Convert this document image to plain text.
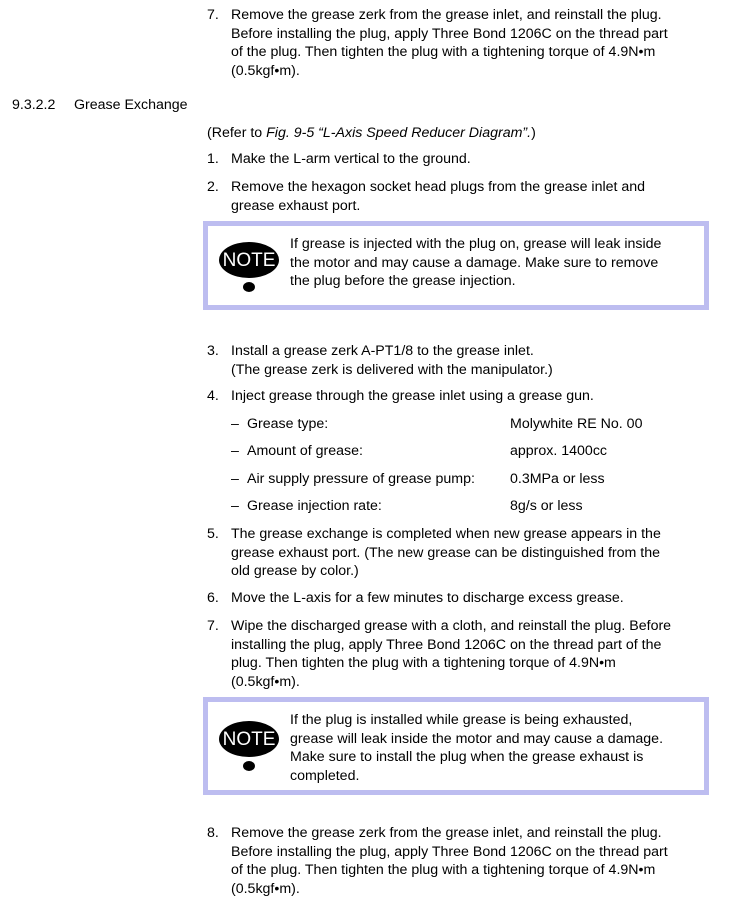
7. Remove the grease zerk from the grease inlet, and reinstall the plug.
Before installing the plug, apply Three Bond 1206C on the thread part
of the plug. Then tighten the plug with a tightening torque of 4.9N•m
(0.5kgf•m).
9.3.2.2 Grease Exchange
(Refer to Fig. 9-5 “L-Axis Speed Reducer Diagram”.)
1. Make the L-arm vertical to the ground.
2. Remove the hexagon socket head plugs from the grease inlet and
grease exhaust port.
NOTE
If grease is injected with the plug on, grease will leak inside
the motor and may cause a damage. Make sure to remove
the plug before the grease injection.
3. Install a grease zerk A-PT1/8 to the grease inlet.
(The grease zerk is delivered with the manipulator.)
4. Inject grease through the grease inlet using a grease gun.
– Grease type:	Molywhite RE No. 00
– Amount of grease:	approx. 1400cc
– Air supply pressure of grease pump: 0.3MPa or less
– Grease injection rate:	8g/s or less
5. The grease exchange is completed when new grease appears in the
grease exhaust port. (The new grease can be distinguished from the
old grease by color.)
6. Move the L-axis for a few minutes to discharge excess grease.
7. Wipe the discharged grease with a cloth, and reinstall the plug. Before
installing the plug, apply Three Bond 1206C on the thread part of the
plug. Then tighten the plug with a tightening torque of 4.9N•m
(0.5kgf•m).
NOTE
If the plug is installed while grease is being exhausted,
grease will leak inside the motor and may cause a damage.
Make sure to install the plug when the grease exhaust is
completed.
8. Remove the grease zerk from the grease inlet, and reinstall the plug.
Before installing the plug, apply Three Bond 1206C on the thread part
of the plug. Then tighten the plug with a tightening torque of 4.9N•m
(0.5kgf•m).
